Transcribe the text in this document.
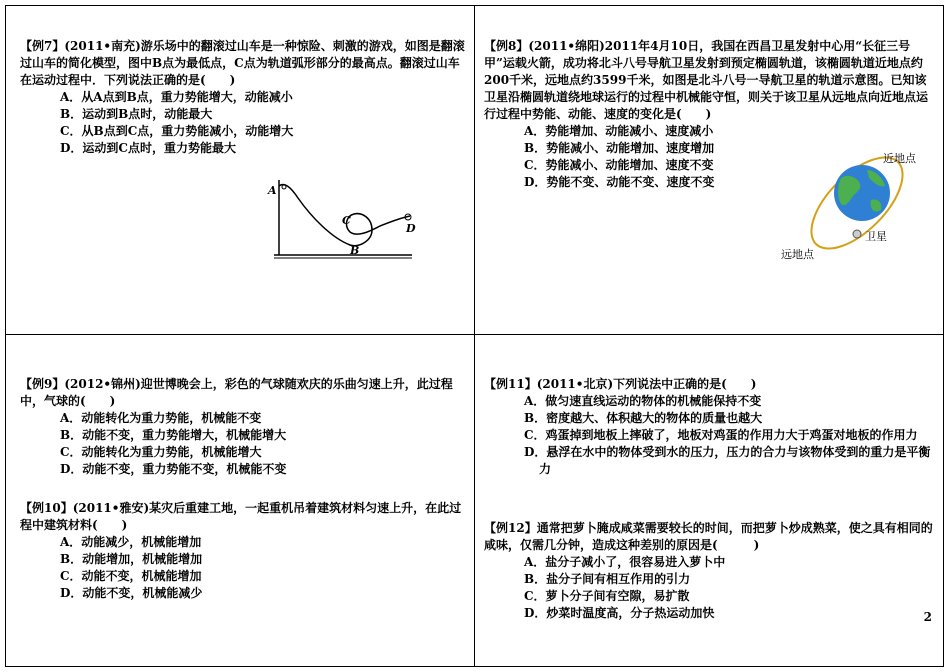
【例7】(2011•南充)游乐场中的翻滚过山车是一种惊险、刺激的游戏，如图是翻滚过山车的简化模型，图中B点为最低点，C点为轨道弧形部分的最高点。翻滚过山车在运动过程中．下列说法正确的是(　　)
A．从A点到B点，重力势能增大，动能减小
B．运动到B点时，动能最大
C．从B点到C点，重力势能减小，动能增大
D．运动到C点时，重力势能最大
A
C
B
D
【例8】(2011•绵阳)2011年4月10日，我国在西昌卫星发射中心用“长征三号甲”运载火箭，成功将北斗八号导航卫星发射到预定椭圆轨道，该椭圆轨道近地点约200千米，远地点约3599千米，如图是北斗八号一导航卫星的轨道示意图。已知该卫星沿椭圆轨道绕地球运行的过程中机械能守恒，则关于该卫星从远地点向近地点运行过程中势能、动能、速度的变化是(　　)
A．势能增加、动能减小、速度减小
B．势能减小、动能增加、速度增加
C．势能减小、动能增加、速度不变
D．势能不变、动能不变、速度不变
近地点
卫星
远地点
【例9】(2012•锦州)迎世博晚会上，彩色的气球随欢庆的乐曲匀速上升，此过程中，气球的(　　)
A．动能转化为重力势能，机械能不变
B．动能不变，重力势能增大，机械能增大
C．动能转化为重力势能，机械能增大
D．动能不变，重力势能不变，机械能不变
【例10】(2011•雅安)某灾后重建工地，一起重机吊着建筑材料匀速上升，在此过程中建筑材料(　　)
A．动能减少，机械能增加
B．动能增加，机械能增加
C．动能不变，机械能增加
D．动能不变，机械能减少
【例11】(2011•北京)下列说法中正确的是(　　)
A．做匀速直线运动的物体的机械能保持不变
B．密度越大、体积越大的物体的质量也越大
C．鸡蛋掉到地板上摔破了，地板对鸡蛋的作用力大于鸡蛋对地板的作用力
D．悬浮在水中的物体受到水的压力，压力的合力与该物体受到的重力是平衡力
【例12】通常把萝卜腌成咸菜需要较长的时间，而把萝卜炒成熟菜，使之具有相同的咸味，仅需几分钟，造成这种差别的原因是(　　　)
A．盐分子减小了，很容易进入萝卜中
B．盐分子间有相互作用的引力
C．萝卜分子间有空隙，易扩散
D．炒菜时温度高，分子热运动加快	2
